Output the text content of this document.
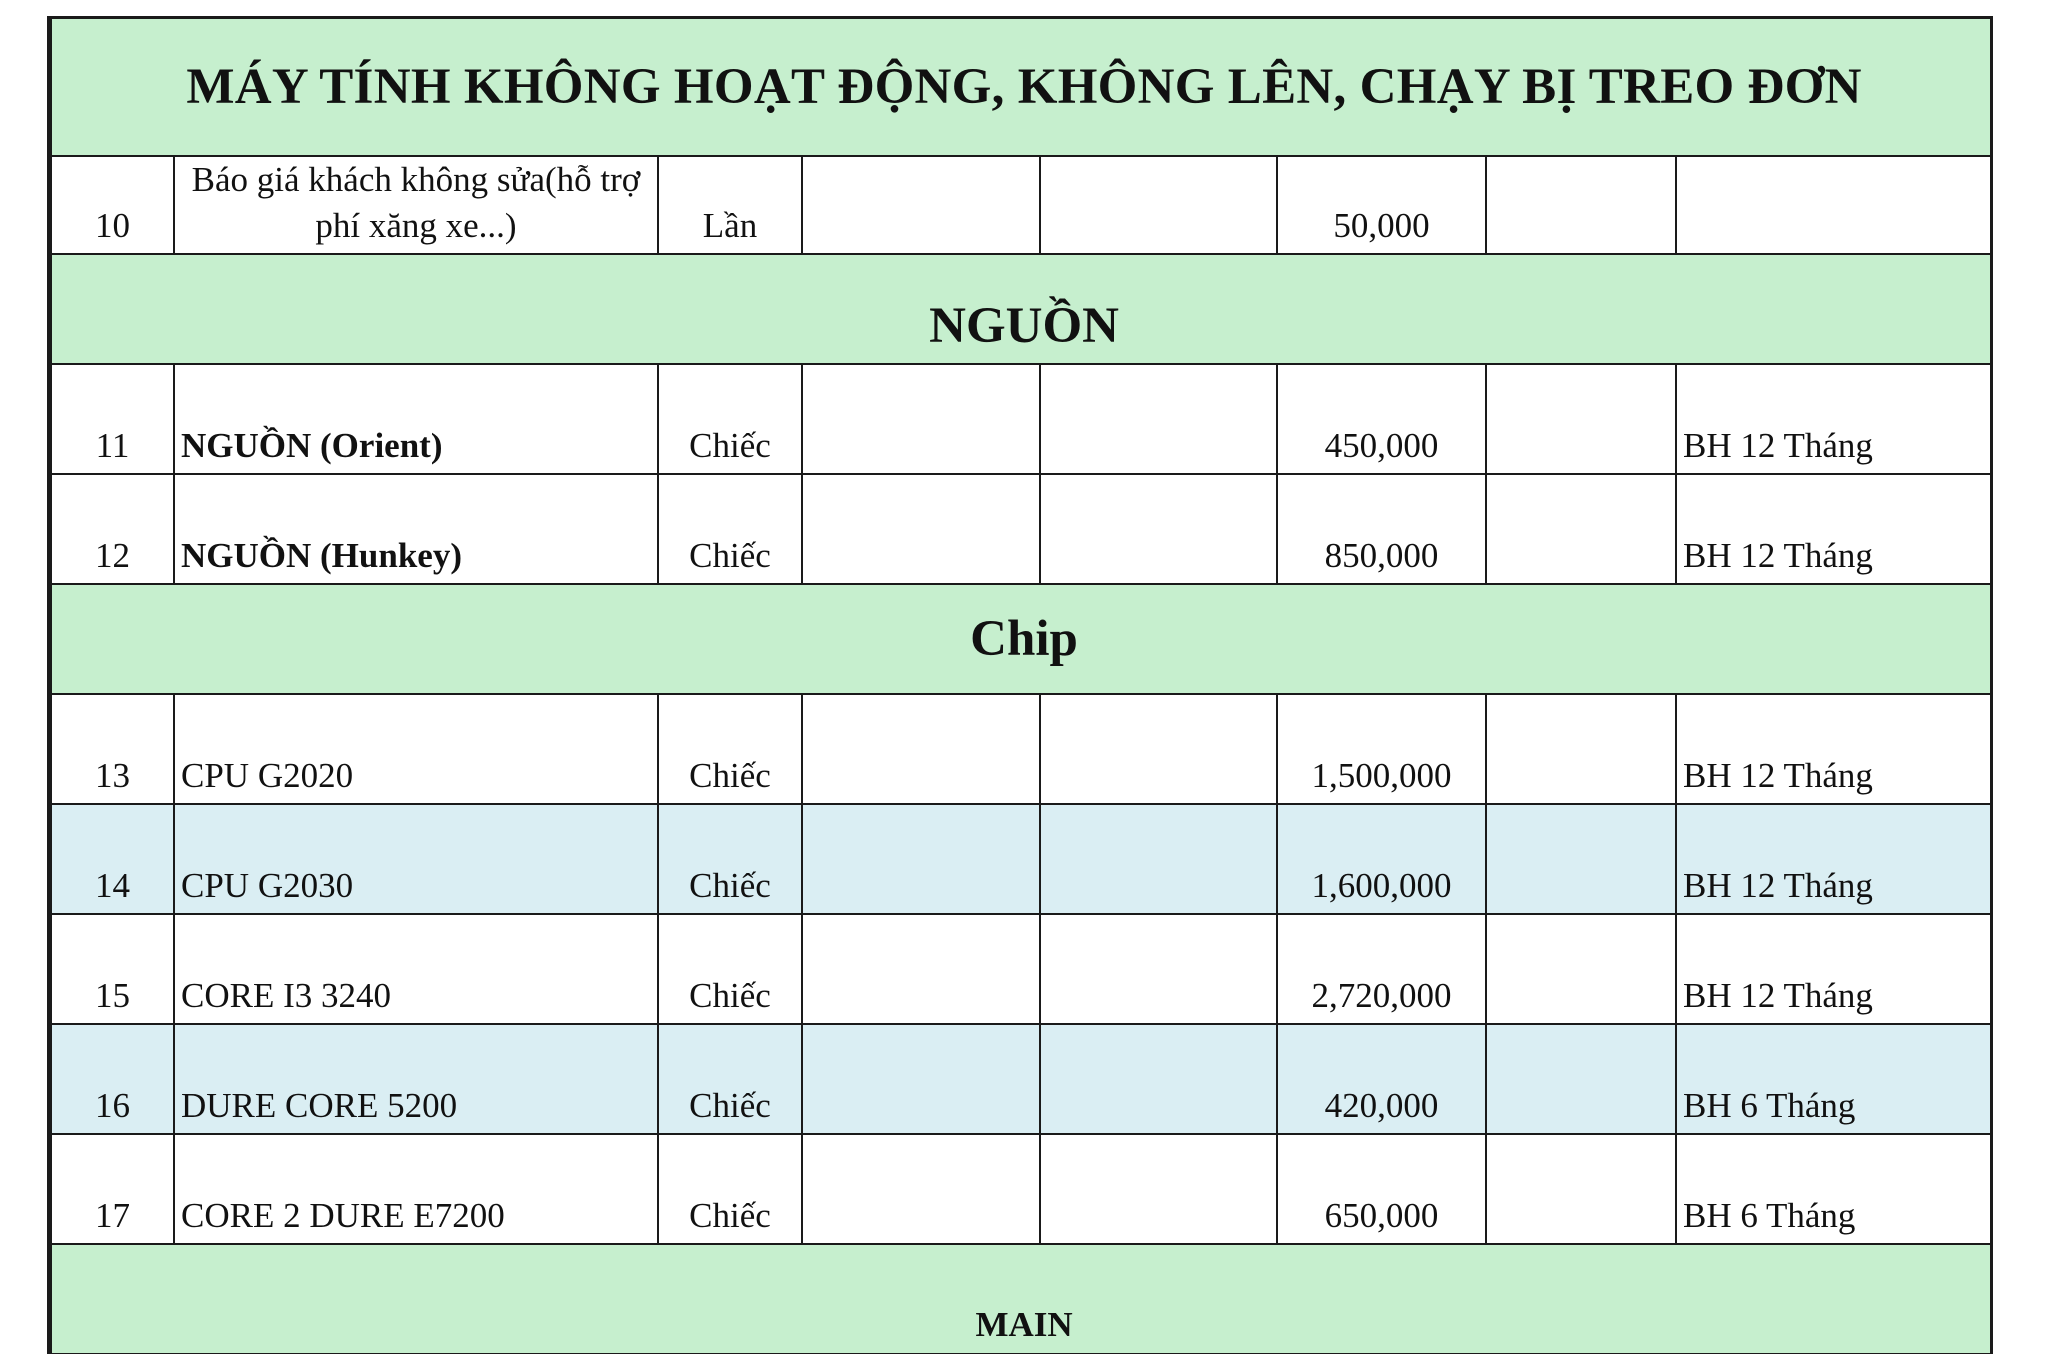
MÁY TÍNH KHÔNG HOẠT ĐỘNG, KHÔNG LÊN, CHẠY BỊ TREO ĐƠN							
10	Báo giá khách không sửa(hỗ trợ phí xăng xe...)	Lần			50,000		
NGUỒN							
11	NGUỒN (Orient)	Chiếc			450,000		BH 12 Tháng
12	NGUỒN (Hunkey)	Chiếc			850,000		BH 12 Tháng
Chip							
13	CPU G2020	Chiếc			1,500,000		BH 12 Tháng
14	CPU G2030	Chiếc			1,600,000		BH 12 Tháng
15	CORE I3 3240	Chiếc			2,720,000		BH 12 Tháng
16	DURE CORE 5200	Chiếc			420,000		BH 6 Tháng
17	CORE 2 DURE E7200	Chiếc			650,000		BH 6 Tháng
MAIN							
